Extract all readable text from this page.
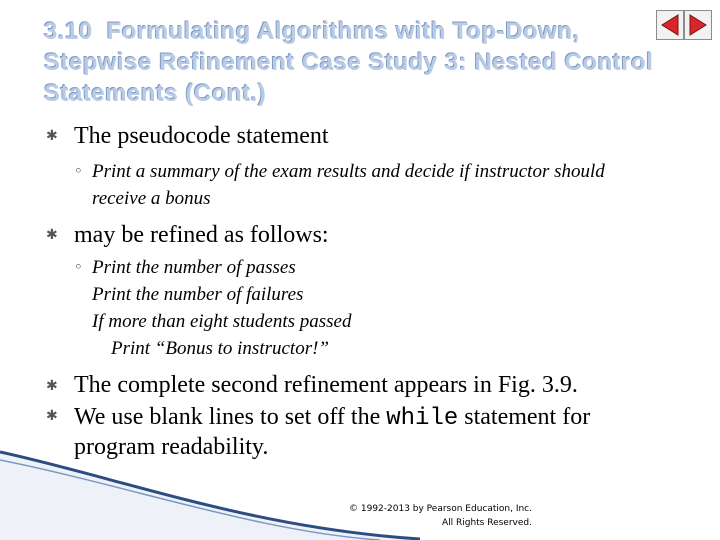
3.10 Formulating Algorithms with Top-Down, Stepwise Refinement Case Study 3: Nested Control Statements (Cont.)
✱ The pseudocode statement
◦ Print a summary of the exam results and decide if instructor should receive a bonus
✱ may be refined as follows:
◦ Print the number of passes
Print the number of failures
If more than eight students passed
Print “Bonus to instructor!”
✱ The complete second refinement appears in Fig. 3.9.
✱ We use blank lines to set off the while statement for program readability.
© 1992-2013 by Pearson Education, Inc.
All Rights Reserved.
